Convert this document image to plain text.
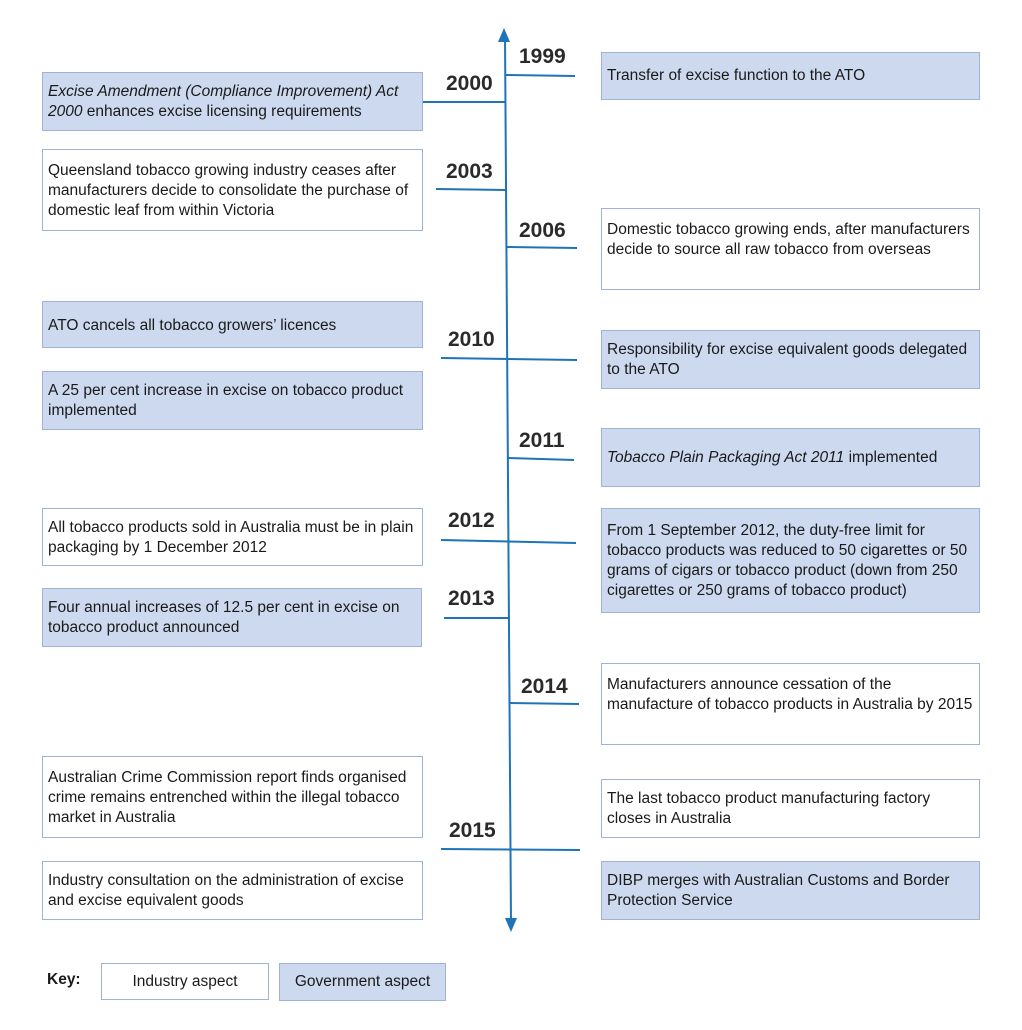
1999
2000
2003
2006
2010
2011
2012
2013
2014
2015
Excise Amendment (Compliance Improvement) Act 2000 enhances excise licensing requirements
Queensland tobacco growing industry ceases after manufacturers decide to consolidate the purchase of domestic leaf from within Victoria
ATO cancels all tobacco growers’ licences
A 25 per cent increase in excise on tobacco product implemented
All tobacco products sold in Australia must be in plain packaging by 1 December 2012
Four annual increases of 12.5 per cent in excise on tobacco product announced
Australian Crime Commission report finds organised crime remains entrenched within the illegal tobacco market in Australia
Industry consultation on the administration of excise and excise equivalent goods
Transfer of excise function to the ATO
Domestic tobacco growing ends, after manufacturers decide to source all raw tobacco from overseas
Responsibility for excise equivalent goods delegated to the ATO
Tobacco Plain Packaging Act 2011 implemented
From 1 September 2012, the duty-free limit for tobacco products was reduced to 50 cigarettes or 50 grams of cigars or tobacco product (down from 250 cigarettes or 250 grams of tobacco product)
Manufacturers announce cessation of the manufacture of tobacco products in Australia by 2015
The last tobacco product manufacturing factory closes in Australia
DIBP merges with Australian Customs and Border Protection Service
Key:	Industry aspect	Government aspect
